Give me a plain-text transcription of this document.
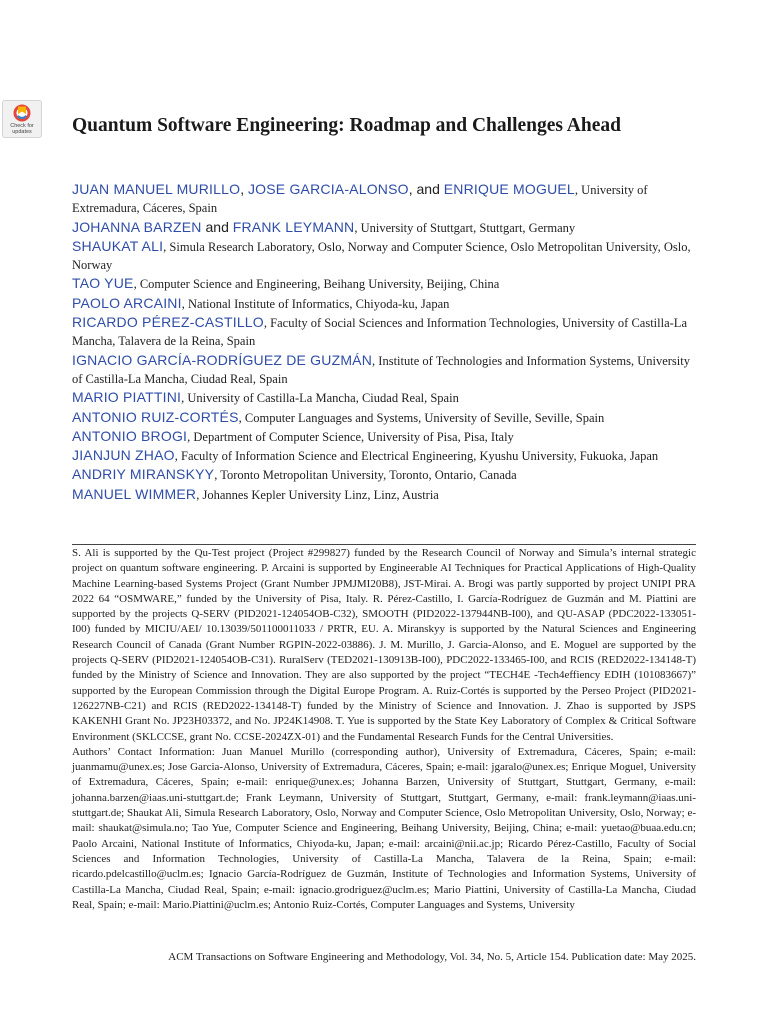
Check for
updates	Quantum Software Engineering: Roadmap and Challenges Ahead

JUAN MANUEL MURILLO, JOSE GARCIA-ALONSO, and ENRIQUE MOGUEL, University of Extremadura, Cáceres, Spain

JOHANNA BARZEN and FRANK LEYMANN, University of Stuttgart, Stuttgart, Germany

SHAUKAT ALI, Simula Research Laboratory, Oslo, Norway and Computer Science, Oslo Metropolitan University, Oslo, Norway

TAO YUE, Computer Science and Engineering, Beihang University, Beijing, China

PAOLO ARCAINI, National Institute of Informatics, Chiyoda-ku, Japan

RICARDO PÉREZ-CASTILLO, Faculty of Social Sciences and Information Technologies, University of Castilla-La Mancha, Talavera de la Reina, Spain

IGNACIO GARCÍA-RODRÍGUEZ DE GUZMÁN, Institute of Technologies and Information Systems, University of Castilla-La Mancha, Ciudad Real, Spain

MARIO PIATTINI, University of Castilla-La Mancha, Ciudad Real, Spain

ANTONIO RUIZ-CORTÉS, Computer Languages and Systems, University of Seville, Seville, Spain

ANTONIO BROGI, Department of Computer Science, University of Pisa, Pisa, Italy

JIANJUN ZHAO, Faculty of Information Science and Electrical Engineering, Kyushu University, Fukuoka, Japan

ANDRIY MIRANSKYY, Toronto Metropolitan University, Toronto, Ontario, Canada

MANUEL WIMMER, Johannes Kepler University Linz, Linz, Austria

S. Ali is supported by the Qu-Test project (Project #299827) funded by the Research Council of Norway and Simula’s internal strategic project on quantum software engineering. P. Arcaini is supported by Engineerable AI Techniques for Practical Applications of High-Quality Machine Learning-based Systems Project (Grant Number JPMJMI20B8), JST-Mirai. A. Brogi was partly supported by project UNIPI PRA 2022 64 “OSMWARE,” funded by the University of Pisa, Italy. R. Pérez-Castillo, I. García-Rodríguez de Guzmán and M. Piattini are supported by the projects Q-SERV (PID2021-124054OB-C32), SMOOTH (PID2022-137944NB-I00), and QU-ASAP (PDC2022-133051-I00) funded by MICIU/AEI/ 10.13039/501100011033 / PRTR, EU. A. Miranskyy is supported by the Natural Sciences and Engineering Research Council of Canada (Grant Number RGPIN-2022-03886). J. M. Murillo, J. Garcia-Alonso, and E. Moguel are supported by the projects Q-SERV (PID2021-124054OB-C31). RuralServ (TED2021-130913B-I00), PDC2022-133465-I00, and RCIS (RED2022-134148-T) funded by the Ministry of Science and Innovation. They are also supported by the project “TECH4E -Tech4effiency EDIH (101083667)” supported by the European Commission through the Digital Europe Program. A. Ruiz-Cortés is supported by the Perseo Project (PID2021-126227NB-C21) and RCIS (RED2022-134148-T) funded by the Ministry of Science and Innovation. J. Zhao is supported by JSPS KAKENHI Grant No. JP23H03372, and No. JP24K14908. T. Yue is supported by the State Key Laboratory of Complex & Critical Software Environment (SKLCCSE, grant No. CCSE-2024ZX-01) and the Fundamental Research Funds for the Central Universities.

Authors’ Contact Information: Juan Manuel Murillo (corresponding author), University of Extremadura, Cáceres, Spain; e-mail: juanmamu@unex.es; Jose Garcia-Alonso, University of Extremadura, Cáceres, Spain; e-mail: jgaralo@unex.es; Enrique Moguel, University of Extremadura, Cáceres, Spain; e-mail: enrique@unex.es; Johanna Barzen, University of Stuttgart, Stuttgart, Germany, e-mail: johanna.barzen@iaas.uni-stuttgart.de; Frank Leymann, University of Stuttgart, Stuttgart, Germany, e-mail: frank.leymann@iaas.uni-stuttgart.de; Shaukat Ali, Simula Research Laboratory, Oslo, Norway and Computer Science, Oslo Metropolitan University, Oslo, Norway; e-mail: shaukat@simula.no; Tao Yue, Computer Science and Engineering, Beihang University, Beijing, China; e-mail: yuetao@buaa.edu.cn; Paolo Arcaini, National Institute of Informatics, Chiyoda-ku, Japan; e-mail: arcaini@nii.ac.jp; Ricardo Pérez-Castillo, Faculty of Social Sciences and Information Technologies, University of Castilla-La Mancha, Talavera de la Reina, Spain; e-mail: ricardo.pdelcastillo@uclm.es; Ignacio García-Rodríguez de Guzmán, Institute of Technologies and Information Systems, University of Castilla-La Mancha, Ciudad Real, Spain; e-mail: ignacio.grodriguez@uclm.es; Mario Piattini, University of Castilla-La Mancha, Ciudad Real, Spain; e-mail: Mario.Piattini@uclm.es; Antonio Ruiz-Cortés, Computer Languages and Systems, University

ACM Transactions on Software Engineering and Methodology, Vol. 34, No. 5, Article 154. Publication date: May 2025.
